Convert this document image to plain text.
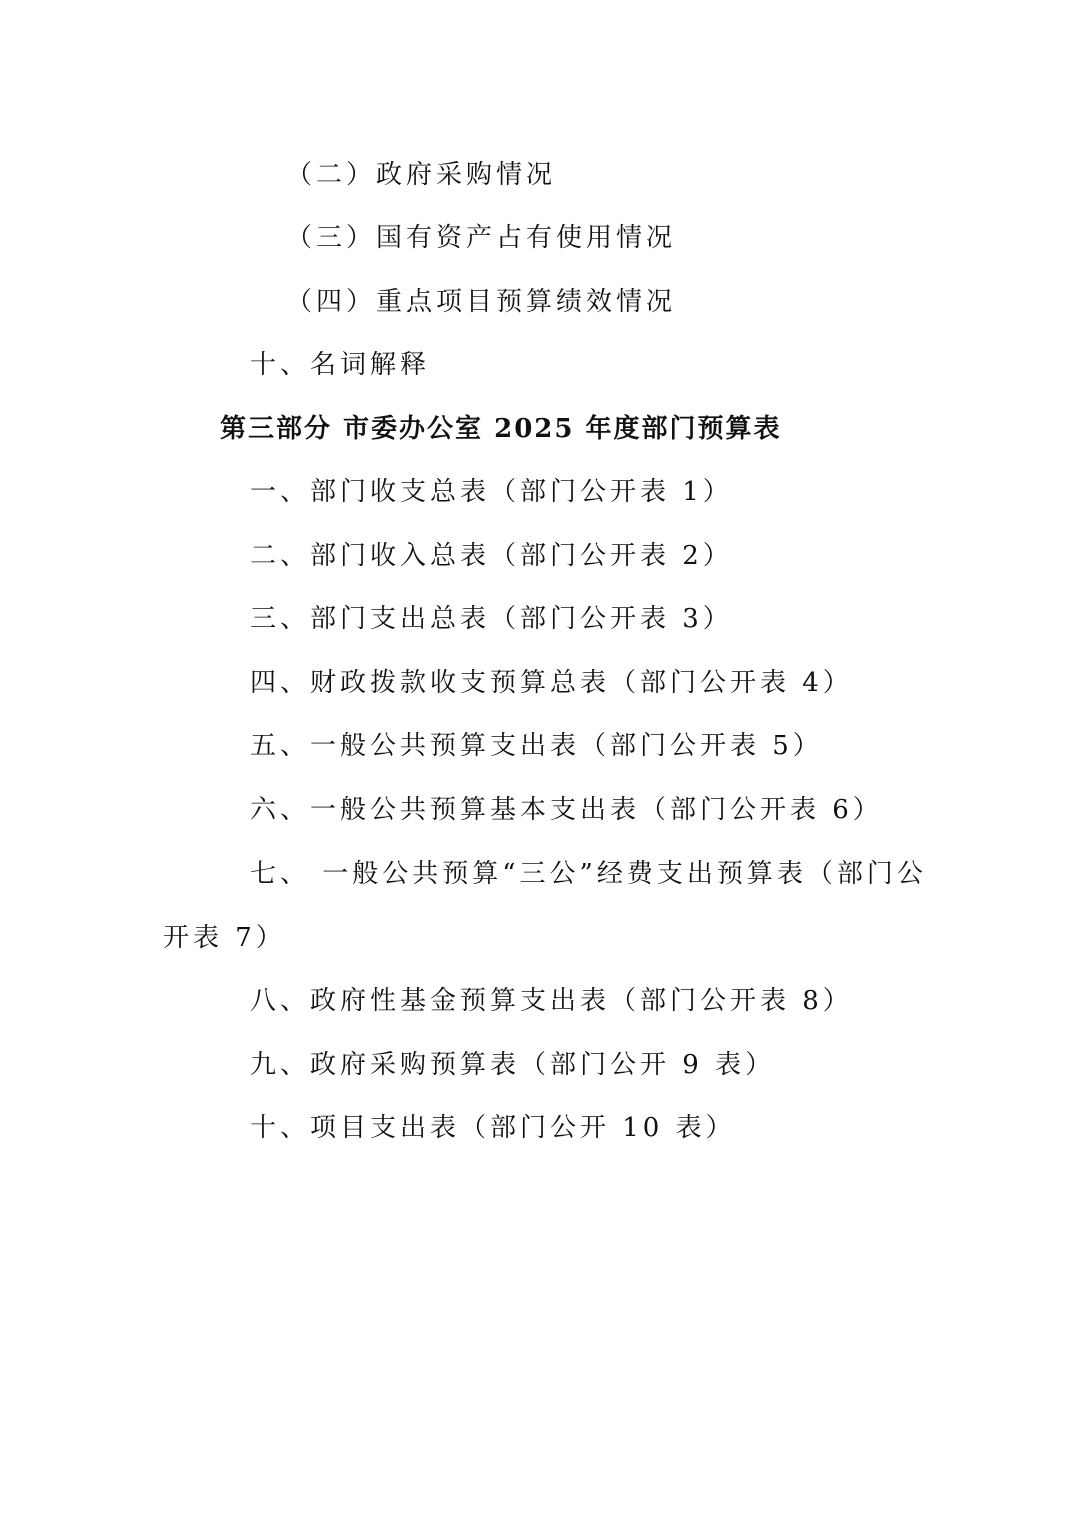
（二）政府采购情况
（三）国有资产占有使用情况
（四）重点项目预算绩效情况
十、名词解释
第三部分 市委办公室 2025 年度部门预算表
一、部门收支总表（部门公开表 1）
二、部门收入总表（部门公开表 2）
三、部门支出总表（部门公开表 3）
四、财政拨款收支预算总表（部门公开表 4）
五、一般公共预算支出表（部门公开表 5）
六、一般公共预算基本支出表（部门公开表 6）
七、 一般公共预算“三公”经费支出预算表（部门公
开表 7）
八、政府性基金预算支出表（部门公开表 8）
九、政府采购预算表（部门公开 9 表）
十、项目支出表（部门公开 10 表）
